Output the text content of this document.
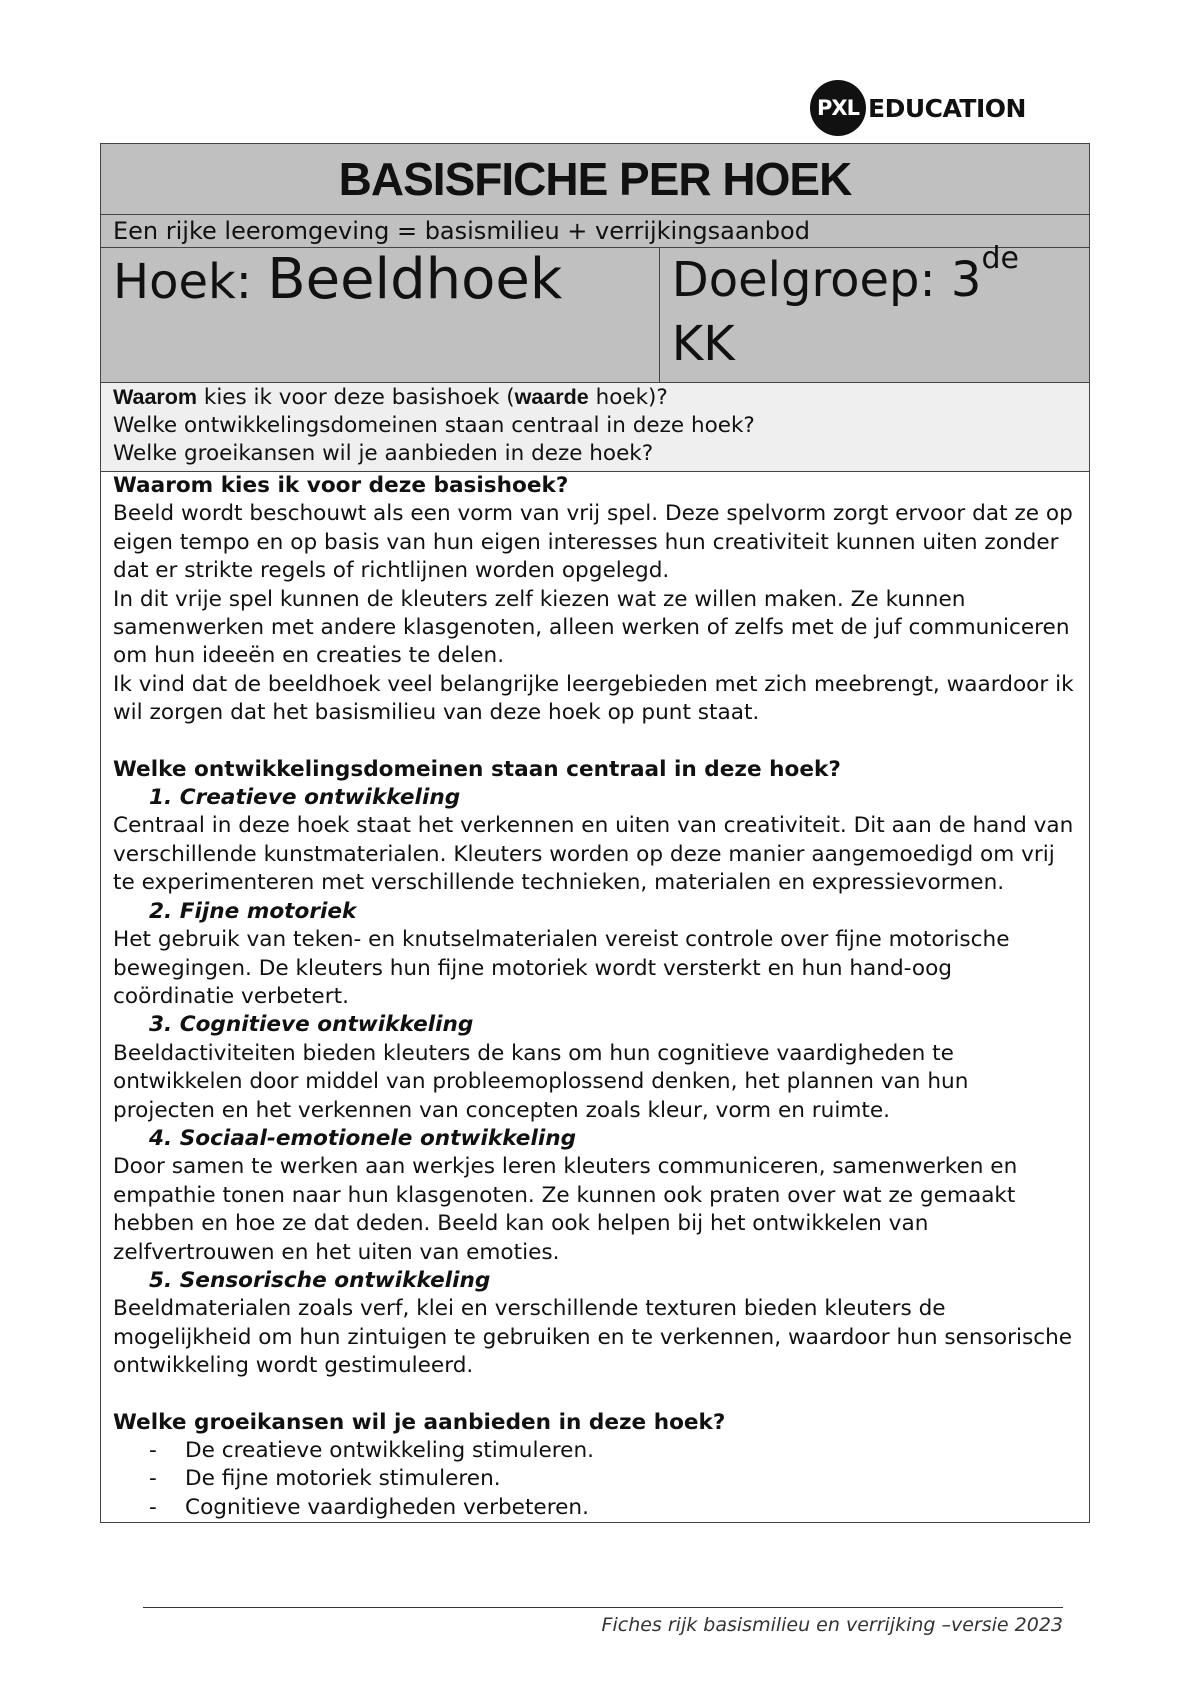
PXL EDUCATION
BASISFICHE PER HOEK
Een rijke leeromgeving = basismilieu + verrijkingsaanbod
Hoek: Beeldhoek	Doelgroep: 3de
KK

Waarom kies ik voor deze basishoek (waarde hoek)?
Welke ontwikkelingsdomeinen staan centraal in deze hoek?
Welke groeikansen wil je aanbieden in deze hoek?

Waarom kies ik voor deze basishoek?

Beeld wordt beschouwt als een vorm van vrij spel. Deze spelvorm zorgt ervoor dat ze op eigen tempo en op basis van hun eigen interesses hun creativiteit kunnen uiten zonder dat er strikte regels of richtlijnen worden opgelegd.

In dit vrije spel kunnen de kleuters zelf kiezen wat ze willen maken. Ze kunnen samenwerken met andere klasgenoten, alleen werken of zelfs met de juf communiceren om hun ideeën en creaties te delen.

Ik vind dat de beeldhoek veel belangrijke leergebieden met zich meebrengt, waardoor ik wil zorgen dat het basismilieu van deze hoek op punt staat.

Welke ontwikkelingsdomeinen staan centraal in deze hoek?

1. Creatieve ontwikkeling

Centraal in deze hoek staat het verkennen en uiten van creativiteit. Dit aan de hand van verschillende kunstmaterialen. Kleuters worden op deze manier aangemoedigd om vrij te experimenteren met verschillende technieken, materialen en expressievormen.

2. Fijne motoriek

Het gebruik van teken- en knutselmaterialen vereist controle over fijne motorische bewegingen. De kleuters hun fijne motoriek wordt versterkt en hun hand-oog coördinatie verbetert.

3. Cognitieve ontwikkeling

Beeldactiviteiten bieden kleuters de kans om hun cognitieve vaardigheden te ontwikkelen door middel van probleemoplossend denken, het plannen van hun projecten en het verkennen van concepten zoals kleur, vorm en ruimte.

4. Sociaal-emotionele ontwikkeling

Door samen te werken aan werkjes leren kleuters communiceren, samenwerken en empathie tonen naar hun klasgenoten. Ze kunnen ook praten over wat ze gemaakt hebben en hoe ze dat deden. Beeld kan ook helpen bij het ontwikkelen van zelfvertrouwen en het uiten van emoties.

5. Sensorische ontwikkeling

Beeldmaterialen zoals verf, klei en verschillende texturen bieden kleuters de mogelijkheid om hun zintuigen te gebruiken en te verkennen, waardoor hun sensorische ontwikkeling wordt gestimuleerd.

Welke groeikansen wil je aanbieden in deze hoek?
- De creatieve ontwikkeling stimuleren.
- De fijne motoriek stimuleren.
- Cognitieve vaardigheden verbeteren.
Fiches rijk basismilieu en verrijking –versie 2023
